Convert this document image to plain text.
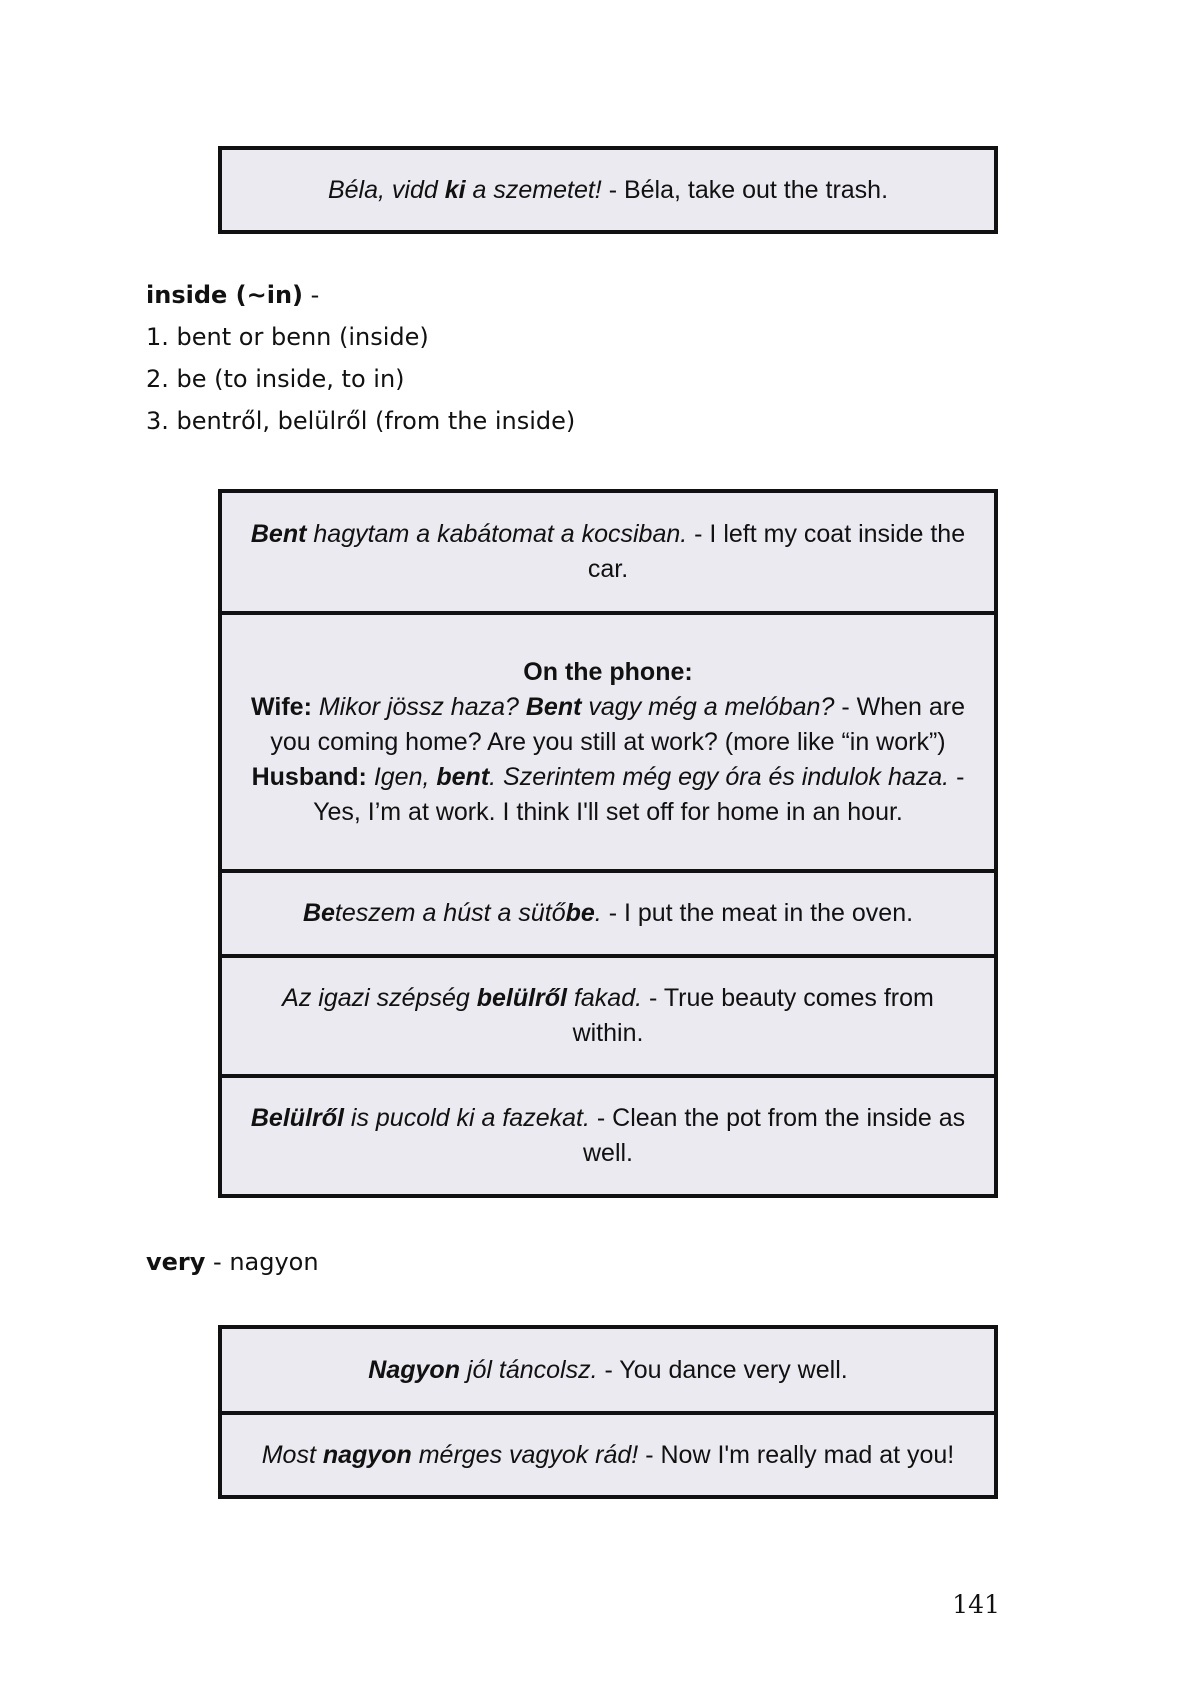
Béla, vidd ki a szemetet! - Béla, take out the trash.

inside (~in) -
1. bent or benn (inside)
2. be (to inside, to in)
3. bentről, belülről (from the inside)

Bent hagytam a kabátomat a kocsiban. - I left my coat inside the car.

On the phone:
Wife: Mikor jössz haza? Bent vagy még a melóban? - When are you coming home? Are you still at work? (more like “in work”)
Husband: Igen, bent. Szerintem még egy óra és indulok haza. - Yes, I’m at work. I think I'll set off for home in an hour.

Beteszem a húst a sütőbe. - I put the meat in the oven.

Az igazi szépség belülről fakad. - True beauty comes from within.

Belülről is pucold ki a fazekat. - Clean the pot from the inside as well.

very - nagyon

Nagyon jól táncolsz. - You dance very well.

Most nagyon mérges vagyok rád! - Now I'm really mad at you!

141
